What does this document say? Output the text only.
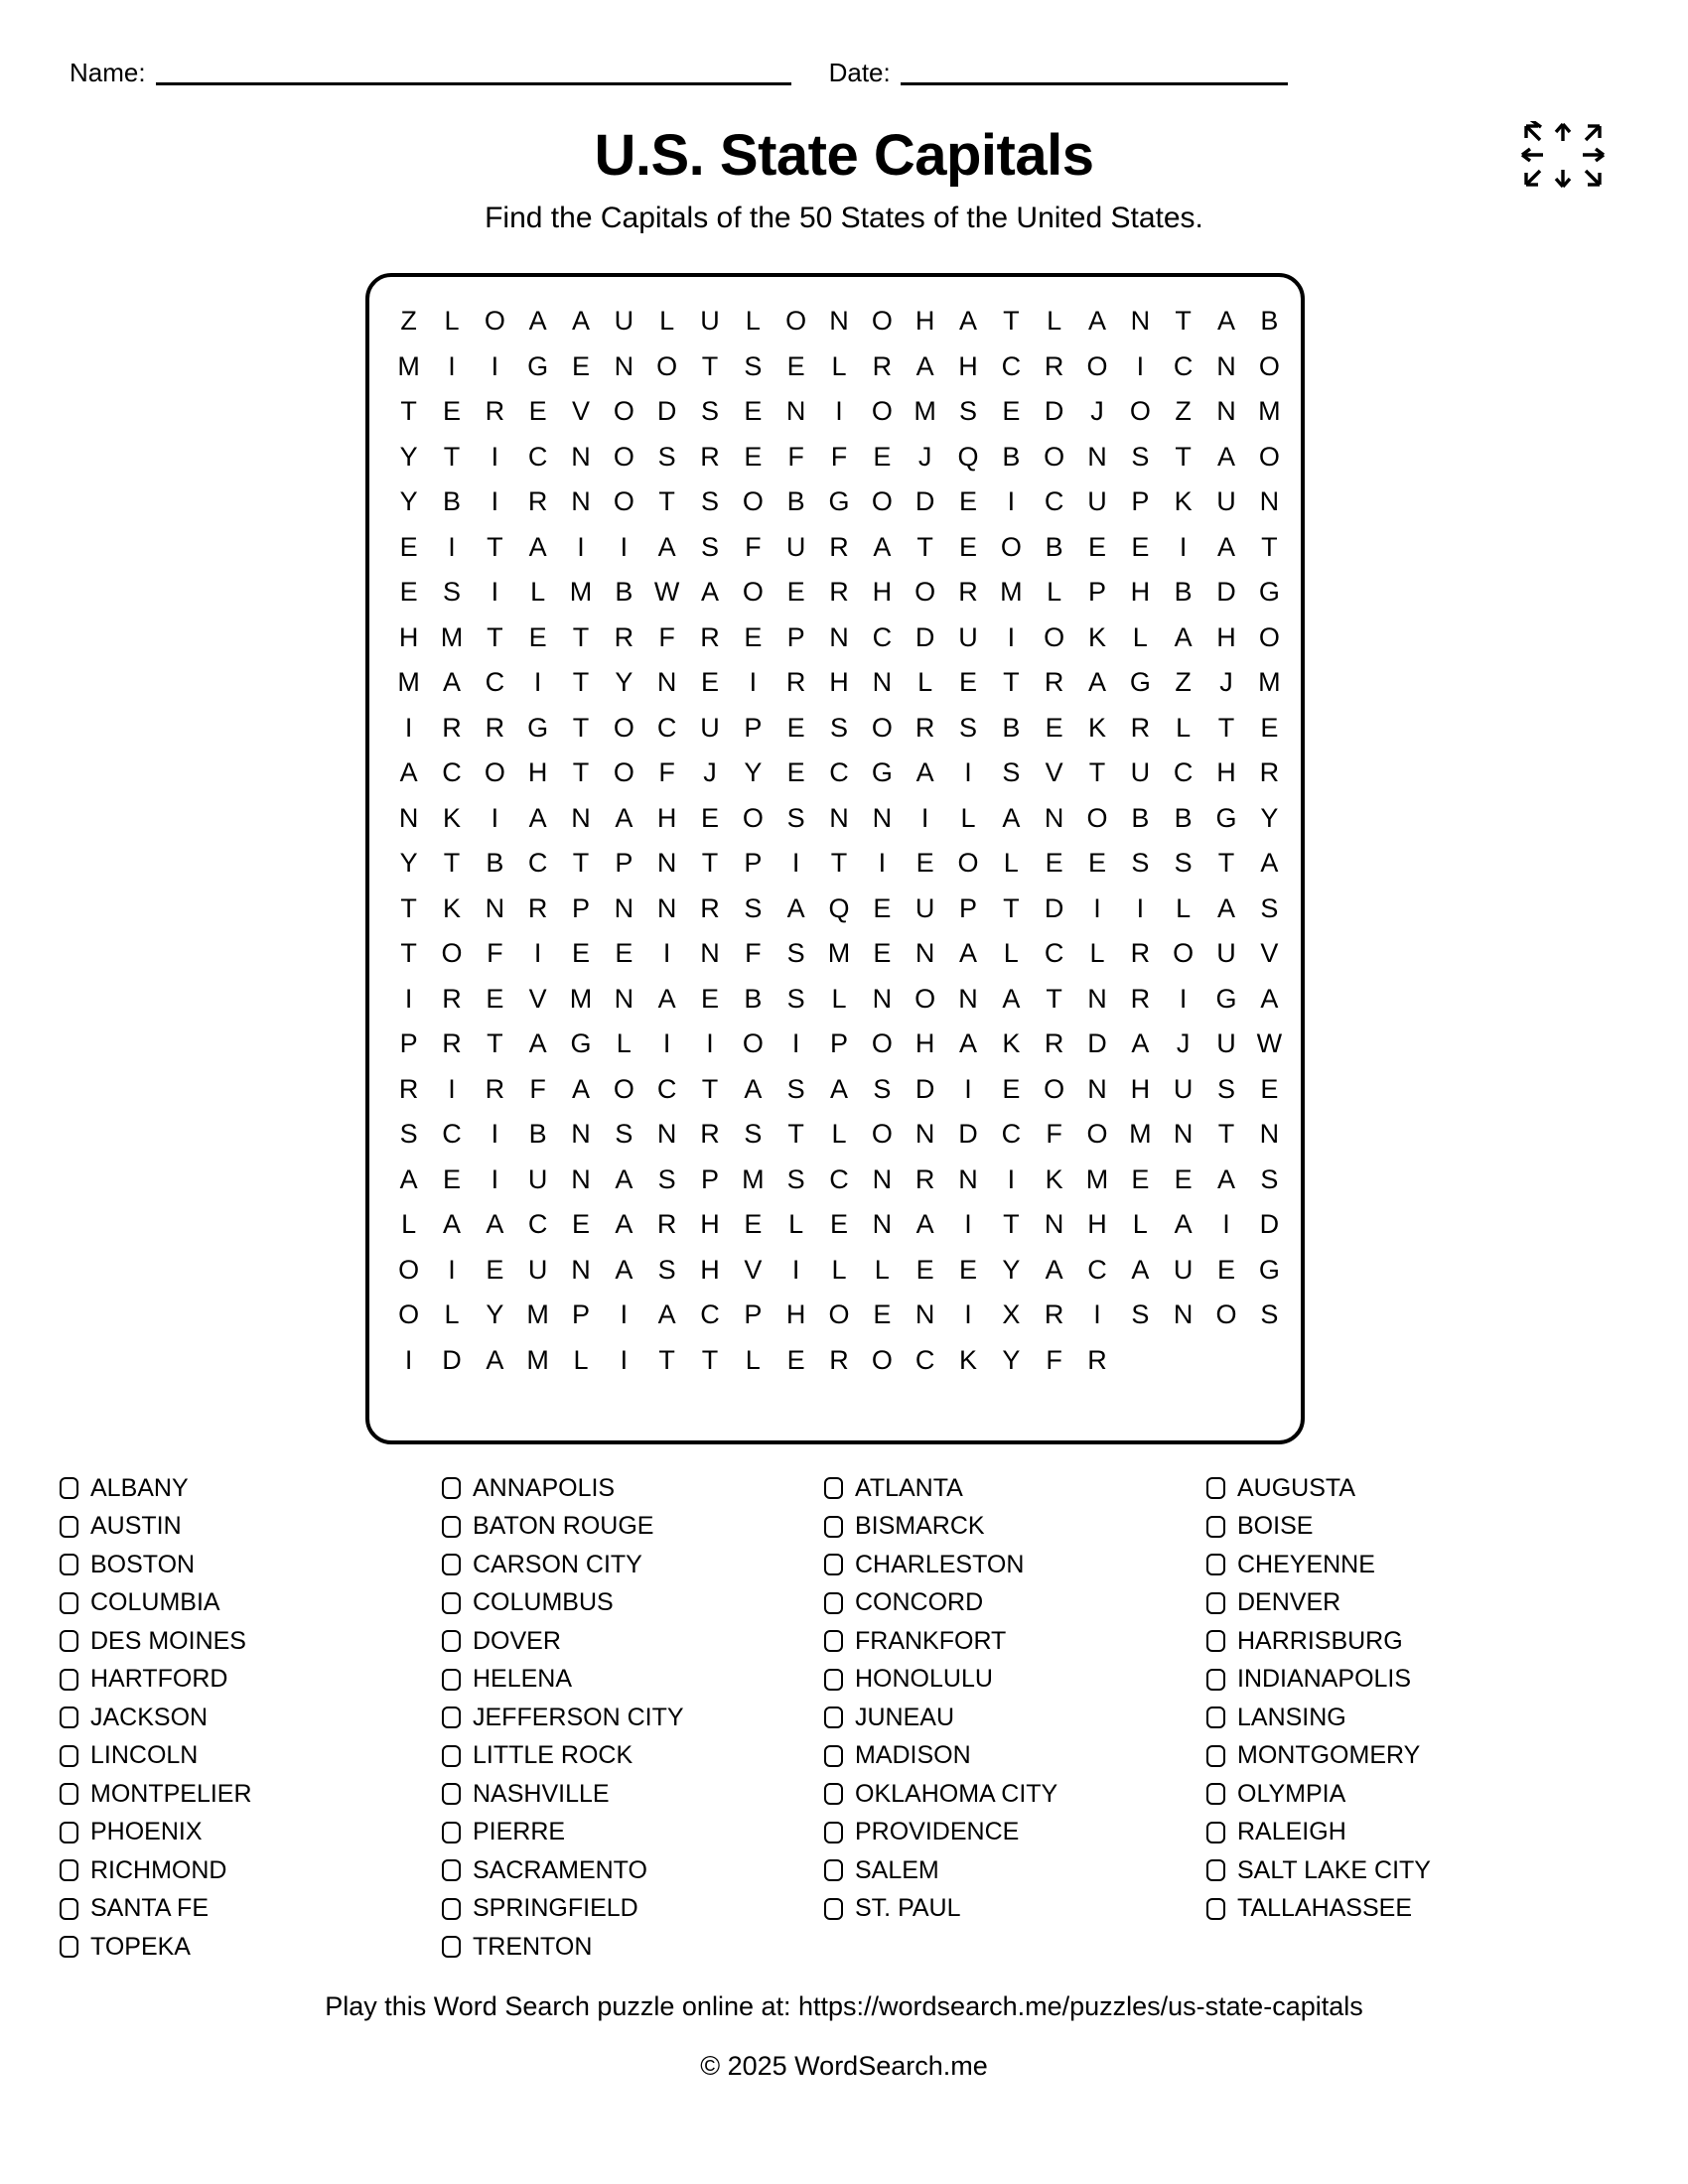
Name:	Date:
U.S. State Capitals
Find the Capitals of the 50 States of the United States.
Z	L O A A U L U L O N O H A T	L A N T A B
M	I	I	G E N O T S E L R A H C R O	I	C N O
T E R E V O D S E N	I	O M S E D J O Z N M
Y T	I	C N O S R E F F E	J Q B O N S T A O
Y B	I	R N O T S O B G O D E	I	C U P K U N
E	I	T A	I	I	A S F U R A T E O B E E	I	A T
E S	I	L M B W A O E R H O R M L P H B D G
H M T E T R F R E P N C D U	I	O K L A H O
M A C	I	T Y N E	I	R H N L E T R A G Z	J M
I	R R G T O C U P E S O R S B E K R L	T E
A C O H T O F	J	Y E C G A	I	S V T U C H R
N K	I	A N A H E O S N N	I	L A N O B B G Y
Y T B C T P N T P	I	T	I	E O L E E S S T A
T K N R P N N R S A Q E U P T D	I	I	L A S
T O F	I	E E	I	N F S M E N A L C L R O U V
I	R E V M N A E B S L N O N A T N R	I	G A
P R T A G L	I	I	O	I	P O H A K R D A	J U W
R	I	R F A O C T A S A S D	I	E O N H U S E
S C	I	B N S N R S T	L O N D C F O M N T N
A E	I	U N A S P M S C N R N	I	K M E E A S
L A A C E A R H E L E N A	I	T N H L A	I	D
O	I	E U N A S H V	I	L	L E E Y A C A U E G
O L Y M P	I	A C P H O E N	I	X R	I	S N O S
I	D A M L	I	T T	L E R O C K Y F R
ALBANY
AUSTIN
BOSTON
COLUMBIA
DES MOINES
HARTFORD
JACKSON
LINCOLN
MONTPELIER
PHOENIX
RICHMOND
SANTA FE
TOPEKA
ANNAPOLIS
BATON ROUGE
CARSON CITY
COLUMBUS
DOVER
HELENA
JEFFERSON CITY
LITTLE ROCK
NASHVILLE
PIERRE
SACRAMENTO
SPRINGFIELD
TRENTON
ATLANTA
BISMARCK
CHARLESTON
CONCORD
FRANKFORT
HONOLULU
JUNEAU
MADISON
OKLAHOMA CITY
PROVIDENCE
SALEM
ST. PAUL
AUGUSTA
BOISE
CHEYENNE
DENVER
HARRISBURG
INDIANAPOLIS
LANSING
MONTGOMERY
OLYMPIA
RALEIGH
SALT LAKE CITY
TALLAHASSEE
Play this Word Search puzzle online at: https://wordsearch.me/puzzles/us-state-capitals
© 2025 WordSearch.me
